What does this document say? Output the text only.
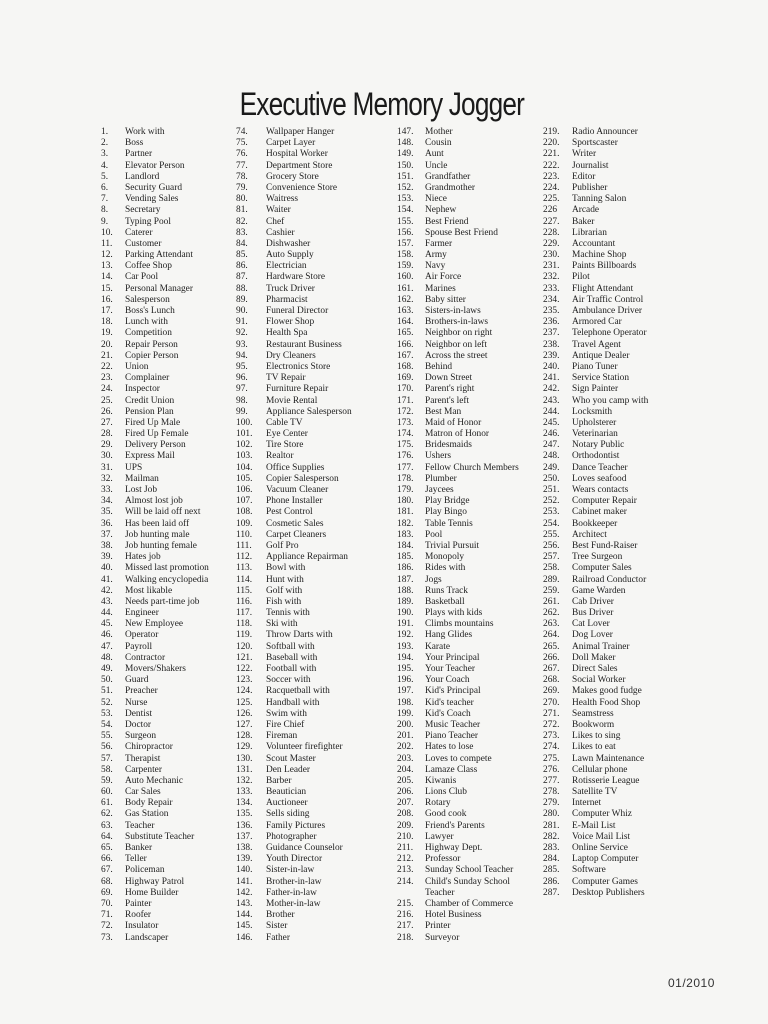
Executive Memory Jogger
1.	Work with
2.	Boss
3.	Partner
4.	Elevator Person
5.	Landlord
6.	Security Guard
7.	Vending Sales
8.	Secretary
9.	Typing Pool
10.	Caterer
11.	Customer
12.	Parking Attendant
13.	Coffee Shop
14.	Car Pool
15.	Personal Manager
16.	Salesperson
17.	Boss's Lunch
18.	Lunch with
19.	Competition
20.	Repair Person
21.	Copier Person
22.	Union
23.	Complainer
24.	Inspector
25.	Credit Union
26.	Pension Plan
27.	Fired Up Male
28.	Fired Up Female
29.	Delivery Person
30.	Express Mail
31.	UPS
32.	Mailman
33.	Lost Job
34.	Almost lost job
35.	Will be laid off next
36.	Has been laid off
37.	Job hunting male
38.	Job hunting female
39.	Hates job
40.	Missed last promotion
41.	Walking encyclopedia
42.	Most likable
43.	Needs part-time job
44.	Engineer
45.	New Employee
46.	Operator
47.	Payroll
48.	Contractor
49.	Movers/Shakers
50.	Guard
51.	Preacher
52.	Nurse
53.	Dentist
54.	Doctor
55.	Surgeon
56.	Chiropractor
57.	Therapist
58.	Carpenter
59.	Auto Mechanic
60.	Car Sales
61.	Body Repair
62.	Gas Station
63.	Teacher
64.	Substitute Teacher
65.	Banker
66.	Teller
67.	Policeman
68.	Highway Patrol
69.	Home Builder
70.	Painter
71.	Roofer
72.	Insulator
73.	Landscaper
74.	Wallpaper Hanger
75.	Carpet Layer
76.	Hospital Worker
77.	Department Store
78.	Grocery Store
79.	Convenience Store
80.	Waitress
81.	Waiter
82.	Chef
83.	Cashier
84.	Dishwasher
85.	Auto Supply
86.	Electrician
87.	Hardware Store
88.	Truck Driver
89.	Pharmacist
90.	Funeral Director
91.	Flower Shop
92.	Health Spa
93.	Restaurant Business
94.	Dry Cleaners
95.	Electronics Store
96.	TV Repair
97.	Furniture Repair
98.	Movie Rental
99.	Appliance Salesperson
100.	Cable TV
101.	Eye Center
102.	Tire Store
103.	Realtor
104.	Office Supplies
105.	Copier Salesperson
106.	Vacuum Cleaner
107.	Phone Installer
108.	Pest Control
109.	Cosmetic Sales
110.	Carpet Cleaners
111.	Golf Pro
112.	Appliance Repairman
113.	Bowl with
114.	Hunt with
115.	Golf with
116.	Fish with
117.	Tennis with
118.	Ski with
119.	Throw Darts with
120.	Softball with
121.	Baseball with
122.	Football with
123.	Soccer with
124.	Racquetball with
125.	Handball with
126.	Swim with
127.	Fire Chief
128.	Fireman
129.	Volunteer firefighter
130.	Scout Master
131.	Den Leader
132.	Barber
133.	Beautician
134.	Auctioneer
135.	Sells siding
136.	Family Pictures
137.	Photographer
138.	Guidance Counselor
139.	Youth Director
140.	Sister-in-law
141.	Brother-in-law
142.	Father-in-law
143.	Mother-in-law
144.	Brother
145.	Sister
146.	Father
147.	Mother
148.	Cousin
149.	Aunt
150.	Uncle
151.	Grandfather
152.	Grandmother
153.	Niece
154.	Nephew
155.	Best Friend
156.	Spouse Best Friend
157.	Farmer
158.	Army
159.	Navy
160.	Air Force
161.	Marines
162.	Baby sitter
163.	Sisters-in-laws
164.	Brothers-in-laws
165.	Neighbor on right
166.	Neighbor on left
167.	Across the street
168.	Behind
169.	Down Street
170.	Parent's right
171.	Parent's left
172.	Best Man
173.	Maid of Honor
174.	Matron of Honor
175.	Bridesmaids
176.	Ushers
177.	Fellow Church Members
178.	Plumber
179.	Jaycees
180.	Play Bridge
181.	Play Bingo
182.	Table Tennis
183.	Pool
184.	Trivial Pursuit
185.	Monopoly
186.	Rides with
187.	Jogs
188.	Runs Track
189.	Basketball
190.	Plays with kids
191.	Climbs mountains
192.	Hang Glides
193.	Karate
194.	Your Principal
195.	Your Teacher
196.	Your Coach
197.	Kid's Principal
198.	Kid's teacher
199.	Kid's Coach
200.	Music Teacher
201.	Piano Teacher
202.	Hates to lose
203.	Loves to compete
204.	Lamaze Class
205.	Kiwanis
206.	Lions Club
207.	Rotary
208.	Good cook
209.	Friend's Parents
210.	Lawyer
211.	Highway Dept.
212.	Professor
213.	Sunday School Teacher
214.	Child's Sunday School
Teacher
215.	Chamber of Commerce
216.	Hotel Business
217.	Printer
218.	Surveyor
219.	Radio Announcer
220.	Sportscaster
221.	Writer
222.	Journalist
223.	Editor
224.	Publisher
225.	Tanning Salon
226	Arcade
227.	Baker
228.	Librarian
229.	Accountant
230.	Machine Shop
231.	Paints Billboards
232.	Pilot
233.	Flight Attendant
234.	Air Traffic Control
235.	Ambulance Driver
236.	Armored Car
237.	Telephone Operator
238.	Travel Agent
239.	Antique Dealer
240.	Piano Tuner
241.	Service Station
242.	Sign Painter
243.	Who you camp with
244.	Locksmith
245.	Upholsterer
246.	Veterinarian
247.	Notary Public
248.	Orthodontist
249.	Dance Teacher
250.	Loves seafood
251.	Wears contacts
252.	Computer Repair
253.	Cabinet maker
254.	Bookkeeper
255.	Architect
256.	Best Fund-Raiser
257.	Tree Surgeon
258.	Computer Sales
289.	Railroad Conductor
259.	Game Warden
261.	Cab Driver
262.	Bus Driver
263.	Cat Lover
264.	Dog Lover
265.	Animal Trainer
266.	Doll Maker
267.	Direct Sales
268.	Social Worker
269.	Makes good fudge
270.	Health Food Shop
271.	Seamstress
272.	Bookworm
273.	Likes to sing
274.	Likes to eat
275.	Lawn Maintenance
276.	Cellular phone
277.	Rotisserie League
278.	Satellite TV
279.	Internet
280.	Computer Whiz
281.	E-Mail List
282.	Voice Mail List
283.	Online Service
284.	Laptop Computer
285.	Software
286.	Computer Games
287.	Desktop Publishers
01/2010
